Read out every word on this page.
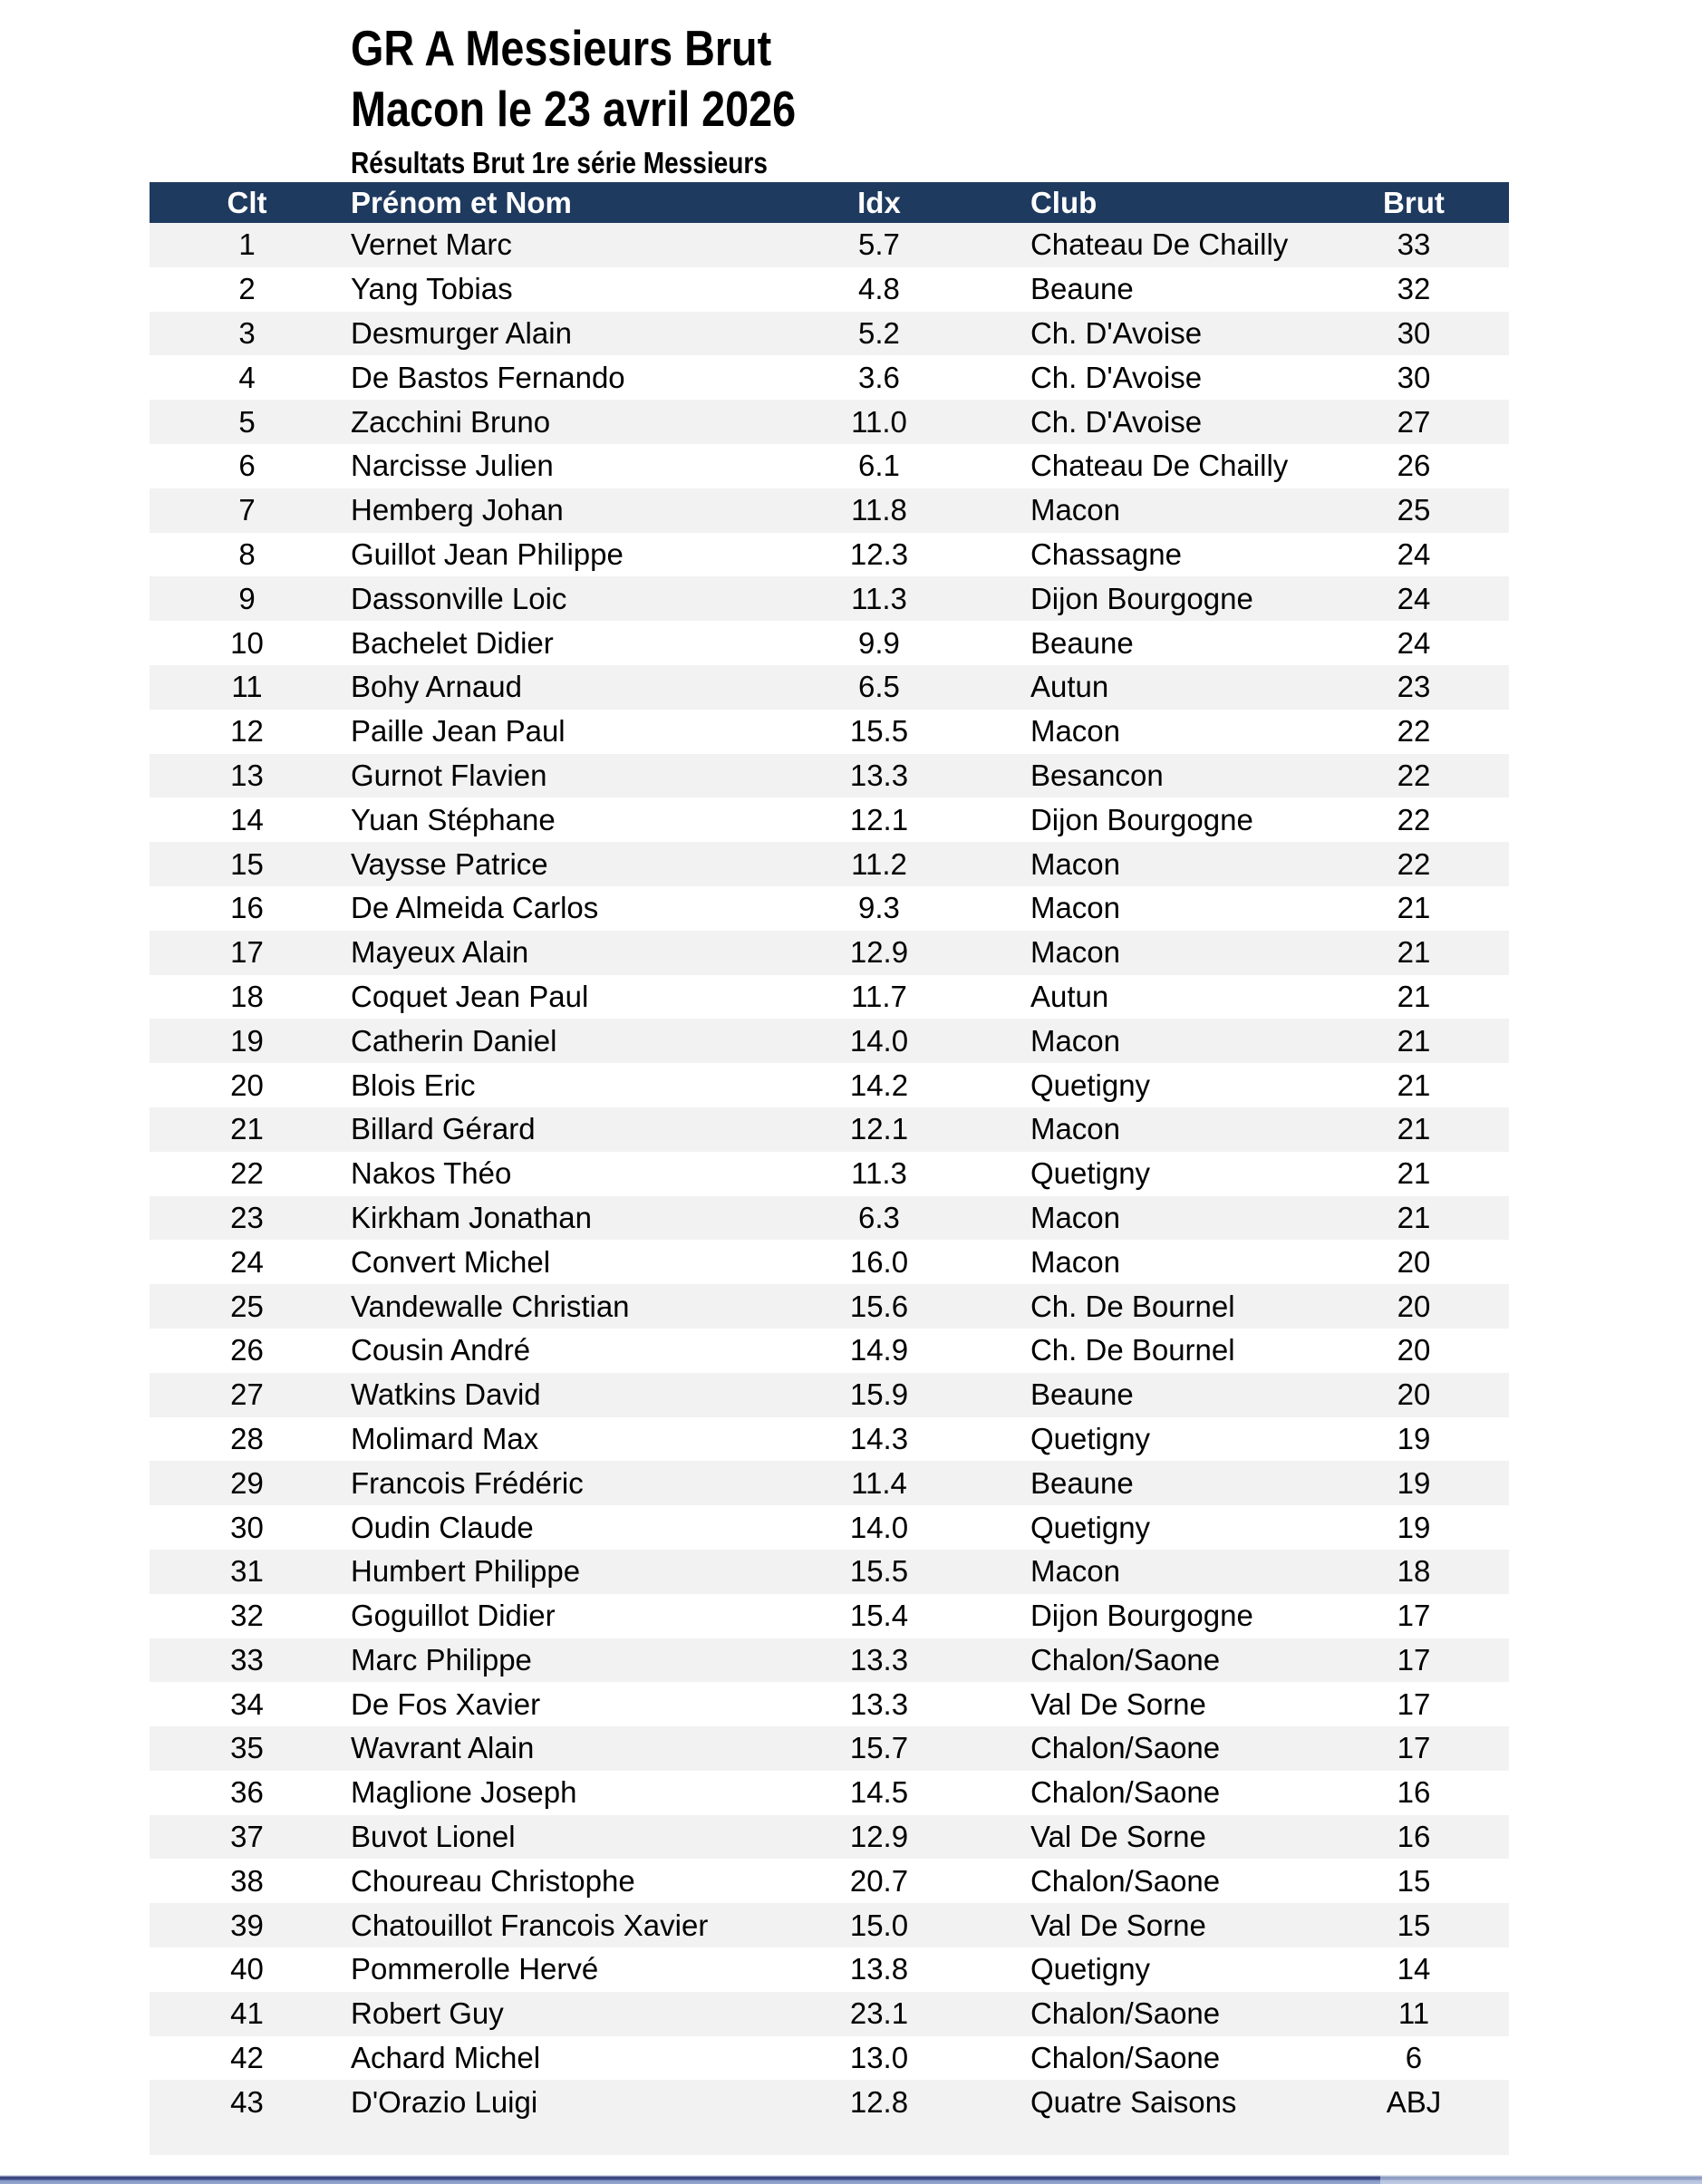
GR A Messieurs Brut
Macon le 23 avril 2026
Résultats Brut 1re série Messieurs
Clt	Prénom et Nom	Idx	Club	Brut
1	Vernet Marc	5.7	Chateau De Chailly	33
2	Yang Tobias	4.8	Beaune	32
3	Desmurger Alain	5.2	Ch. D'Avoise	30
4	De Bastos Fernando	3.6	Ch. D'Avoise	30
5	Zacchini Bruno	11.0	Ch. D'Avoise	27
6	Narcisse Julien	6.1	Chateau De Chailly	26
7	Hemberg Johan	11.8	Macon	25
8	Guillot Jean Philippe	12.3	Chassagne	24
9	Dassonville Loic	11.3	Dijon Bourgogne	24
10	Bachelet Didier	9.9	Beaune	24
11	Bohy Arnaud	6.5	Autun	23
12	Paille Jean Paul	15.5	Macon	22
13	Gurnot Flavien	13.3	Besancon	22
14	Yuan Stéphane	12.1	Dijon Bourgogne	22
15	Vaysse Patrice	11.2	Macon	22
16	De Almeida Carlos	9.3	Macon	21
17	Mayeux Alain	12.9	Macon	21
18	Coquet Jean Paul	11.7	Autun	21
19	Catherin Daniel	14.0	Macon	21
20	Blois Eric	14.2	Quetigny	21
21	Billard Gérard	12.1	Macon	21
22	Nakos Théo	11.3	Quetigny	21
23	Kirkham Jonathan	6.3	Macon	21
24	Convert Michel	16.0	Macon	20
25	Vandewalle Christian	15.6	Ch. De Bournel	20
26	Cousin André	14.9	Ch. De Bournel	20
27	Watkins David	15.9	Beaune	20
28	Molimard Max	14.3	Quetigny	19
29	Francois Frédéric	11.4	Beaune	19
30	Oudin Claude	14.0	Quetigny	19
31	Humbert Philippe	15.5	Macon	18
32	Goguillot Didier	15.4	Dijon Bourgogne	17
33	Marc Philippe	13.3	Chalon/Saone	17
34	De Fos Xavier	13.3	Val De Sorne	17
35	Wavrant Alain	15.7	Chalon/Saone	17
36	Maglione Joseph	14.5	Chalon/Saone	16
37	Buvot Lionel	12.9	Val De Sorne	16
38	Choureau Christophe	20.7	Chalon/Saone	15
39	Chatouillot Francois Xavier	15.0	Val De Sorne	15
40	Pommerolle Hervé	13.8	Quetigny	14
41	Robert Guy	23.1	Chalon/Saone	11
42	Achard Michel	13.0	Chalon/Saone	6
43	D'Orazio Luigi	12.8	Quatre Saisons	ABJ
